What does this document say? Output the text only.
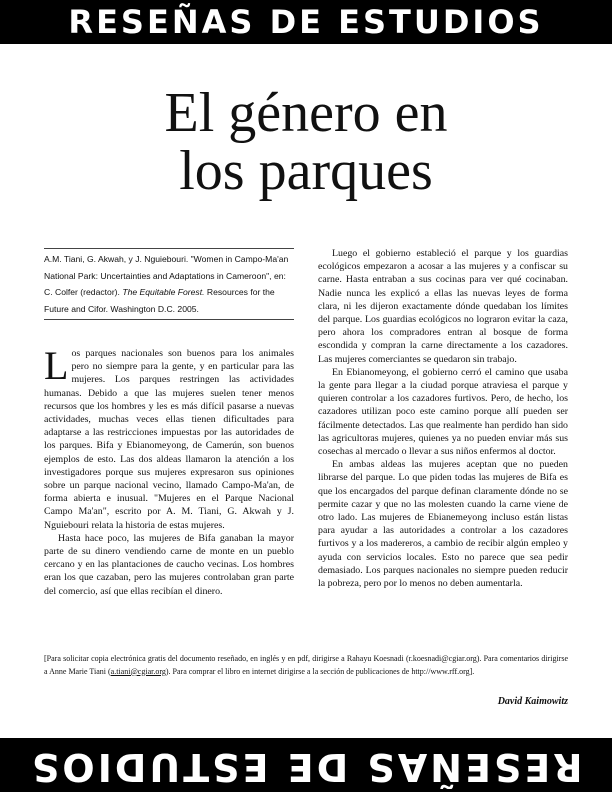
RESEÑAS DE ESTUDIOS
El género en
los parques
A.M. Tiani, G. Akwah, y J. Nguiebouri. "Women in Campo-Ma'an National Park: Uncertainties and Adaptations in Cameroon", en: C. Colfer (redactor). The Equitable Forest. Resources for the Future and Cifor. Washington D.C. 2005.

Los parques nacionales son buenos para los animales pero no siempre para la gente, y en particular para las mujeres. Los parques restringen las actividades humanas. Debido a que las mujeres suelen tener menos recursos que los hombres y les es más difícil pasarse a nuevas actividades, muchas veces ellas tienen dificultades para adaptarse a las restricciones impuestas por las autoridades de los parques. Bifa y Ebianomeyong, de Camerún, son buenos ejemplos de esto. Las dos aldeas llamaron la atención a los investigadores porque sus mujeres expresaron sus opiniones sobre un parque nacional vecino, llamado Campo-Ma'an, de forma abierta e inusual. "Mujeres en el Parque Nacional Campo Ma'an", escrito por A. M. Tiani, G. Akwah y J. Nguiebouri relata la historia de estas mujeres.

Hasta hace poco, las mujeres de Bifa ganaban la mayor parte de su dinero vendiendo carne de monte en un pueblo cercano y en las plantaciones de caucho vecinas. Los hombres eran los que cazaban, pero las mujeres controlaban gran parte del comercio, así que ellas recibían el dinero.

Luego el gobierno estableció el parque y los guardias ecológicos empezaron a acosar a las mujeres y a confiscar su carne. Hasta entraban a sus cocinas para ver qué cocinaban. Nadie nunca les explicó a ellas las nuevas leyes de forma clara, ni les dijeron exactamente dónde quedaban los límites del parque. Los guardias ecológicos no lograron evitar la caza, pero ahora los compradores entran al bosque de forma escondida y compran la carne directamente a los cazadores. Las mujeres comerciantes se quedaron sin trabajo.

En Ebianomeyong, el gobierno cerró el camino que usaba la gente para llegar a la ciudad porque atraviesa el parque y quieren controlar a los cazadores furtivos. Pero, de hecho, los cazadores utilizan poco este camino porque allí pueden ser fácilmente detectados. Las que realmente han perdido han sido las agricultoras mujeres, quienes ya no pueden enviar más sus cosechas al mercado o llevar a sus niños enfermos al doctor.

En ambas aldeas las mujeres aceptan que no pueden librarse del parque. Lo que piden todas las mujeres de Bifa es que los encargados del parque definan claramente dónde no se permite cazar y que no las molesten cuando la carne viene de otro lado. Las mujeres de Ebianemeyong incluso están listas para ayudar a las autoridades a controlar a los cazadores furtivos y a los madereros, a cambio de recibir algún empleo y ayuda con servicios locales. Esto no parece que sea pedir demasiado. Los parques nacionales no siempre pueden reducir la pobreza, pero por lo menos no deben aumentarla.

[Para solicitar copia electrónica gratis del documento reseñado, en inglés y en pdf, dirigirse a Rahayu Koesnadi (r.koesnadi@cgiar.org). Para comentarios dirigirse a Anne Marie Tiani (a.tiani@cgiar.org). Para comprar el libro en internet dirigirse a la sección de publicaciones de http://www.rff.org].
David Kaimowitz
RESEÑAS DE ESTUDIOS
